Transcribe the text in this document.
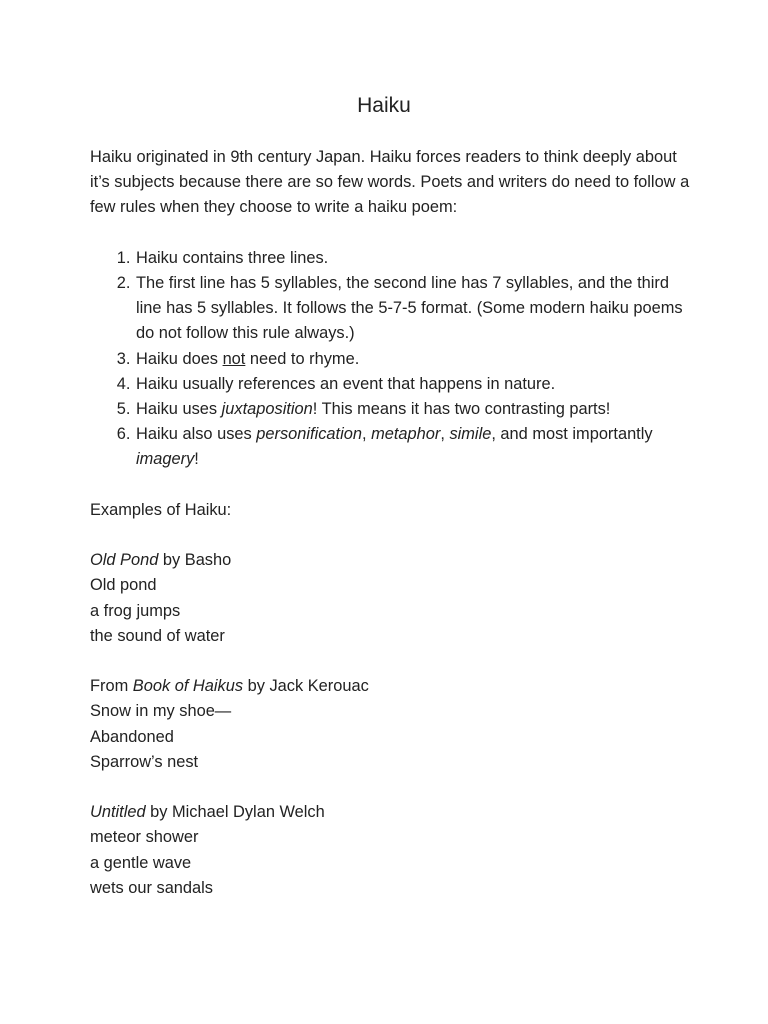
Haiku

Haiku originated in 9th century Japan. Haiku forces readers to think deeply about it’s subjects because there are so few words. Poets and writers do need to follow a few rules when they choose to write a haiku poem:

1. Haiku contains three lines.
2. The first line has 5 syllables, the second line has 7 syllables, and the third line has 5 syllables. It follows the 5-7-5 format. (Some modern haiku poems do not follow this rule always.)
3. Haiku does not need to rhyme.
4. Haiku usually references an event that happens in nature.
5. Haiku uses juxtaposition! This means it has two contrasting parts!
6. Haiku also uses personification, metaphor, simile, and most importantly imagery!

Examples of Haiku:

Old Pond by Basho
Old pond
a frog jumps
the sound of water
From Book of Haikus by Jack Kerouac
Snow in my shoe—
Abandoned
Sparrow’s nest
Untitled by Michael Dylan Welch
meteor shower
a gentle wave
wets our sandals
